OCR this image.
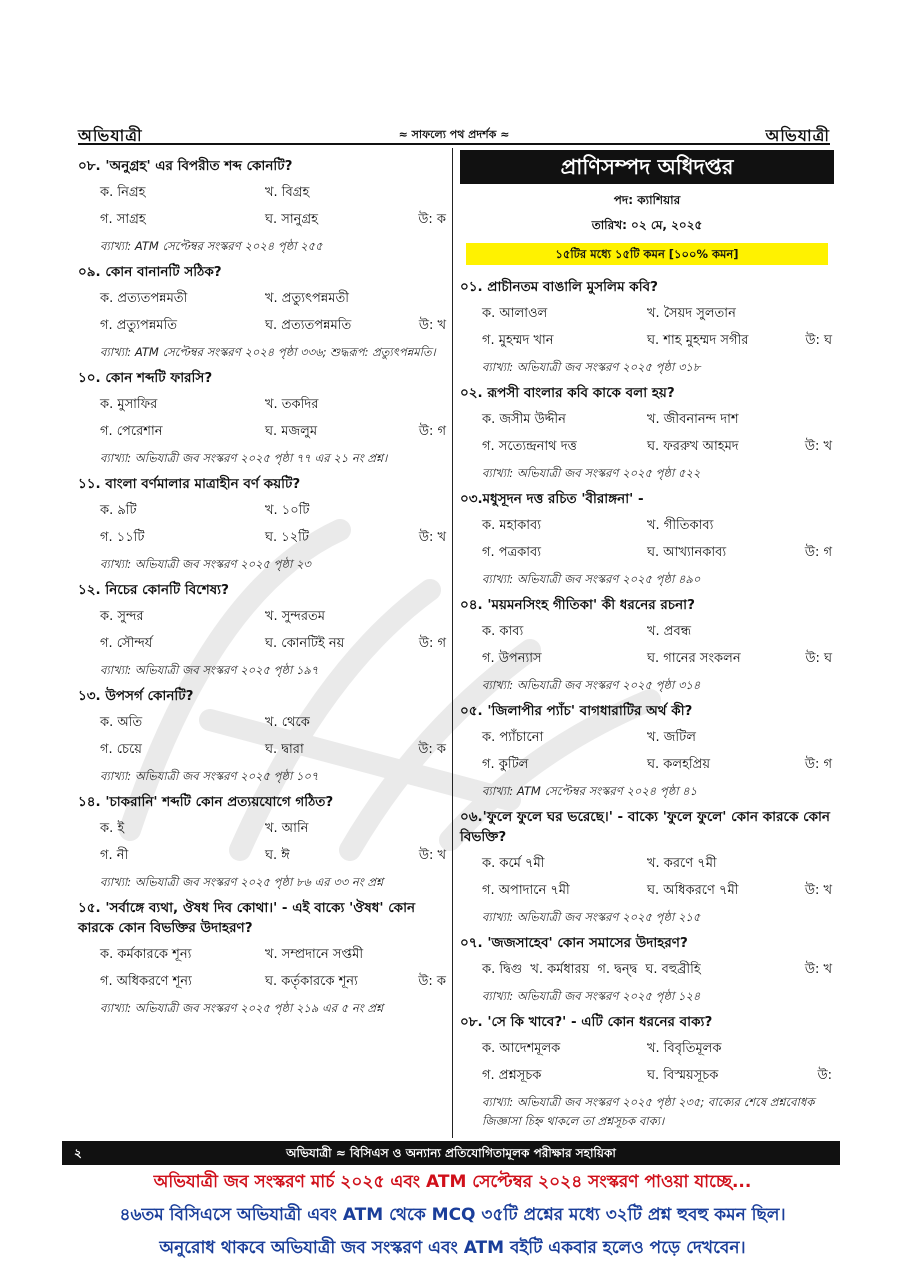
অভিযাত্রী	≈ সাফল্যে পথ প্রদর্শক ≈	অভিযাত্রী
০৮. 'অনুগ্রহ' এর বিপরীত শব্দ কোনটি?
ক. নিগ্রহ	খ. বিগ্রহ
গ. সাগ্রহ	ঘ. সানুগ্রহ	উ: ক
ব্যাখ্যা: ATM সেপ্টেম্বর সংস্করণ ২০২৪ পৃষ্ঠা ২৫৫
০৯. কোন বানানটি সঠিক?
ক. প্রত্যতপন্নমতী	খ. প্রত্যুৎপন্নমতী
গ. প্রত্যুপন্নমতি	ঘ. প্রত্যতপন্নমতি	উ: খ
ব্যাখ্যা: ATM সেপ্টেম্বর সংস্করণ ২০২৪ পৃষ্ঠা ৩৩৬; শুদ্ধরূপ: প্রত্যুৎপন্নমতি।
১০. কোন শব্দটি ফারসি?
ক. মুসাফির	খ. তকদির
গ. পেরেশান	ঘ. মজলুম	উ: গ
ব্যাখ্যা: অভিযাত্রী জব সংস্করণ ২০২৫ পৃষ্ঠা ৭৭ এর ২১ নং প্রশ্ন।
১১. বাংলা বর্ণমালার মাত্রাহীন বর্ণ কয়টি?
ক. ৯টি	খ. ১০টি
গ. ১১টি	ঘ. ১২টি	উ: খ
ব্যাখ্যা: অভিযাত্রী জব সংস্করণ ২০২৫ পৃষ্ঠা ২৩
১২. নিচের কোনটি বিশেষ্য?
ক. সুন্দর	খ. সুন্দরতম
গ. সৌন্দর্য	ঘ. কোনটিই নয়	উ: গ
ব্যাখ্যা: অভিযাত্রী জব সংস্করণ ২০২৫ পৃষ্ঠা ১৯৭
১৩. উপসর্গ কোনটি?
ক. অতি	খ. থেকে
গ. চেয়ে	ঘ. দ্বারা	উ: ক
ব্যাখ্যা: অভিযাত্রী জব সংস্করণ ২০২৫ পৃষ্ঠা ১০৭
১৪. 'চাকরানি' শব্দটি কোন প্রত্যয়যোগে গঠিত?
ক. ই	খ. আনি
গ. নী	ঘ. ঈ	উ: খ
ব্যাখ্যা: অভিযাত্রী জব সংস্করণ ২০২৫ পৃষ্ঠা ৮৬ এর ৩৩ নং প্রশ্ন
১৫. 'সর্বাঙ্গে ব্যথা, ঔষধ দিব কোথা।' - এই বাক্যে 'ঔষধ' কোন কারকে কোন বিভক্তির উদাহরণ?
ক. কর্মকারকে শূন্য	খ. সম্প্রদানে সপ্তমী
গ. অধিকরণে শূন্য	ঘ. কর্তৃকারকে শূন্য	উ: ক
ব্যাখ্যা: অভিযাত্রী জব সংস্করণ ২০২৫ পৃষ্ঠা ২১৯ এর ৫ নং প্রশ্ন
প্রাণিসম্পদ অধিদপ্তর
পদ: ক্যাশিয়ার
তারিখ: ০২ মে, ২০২৫
১৫টির মধ্যে ১৫টি কমন [১০০% কমন]
০১. প্রাচীনতম বাঙালি মুসলিম কবি?
ক. আলাওল	খ. সৈয়দ সুলতান
গ. মুহম্মদ খান	ঘ. শাহ মুহম্মদ সগীর	উ: ঘ
ব্যাখ্যা: অভিযাত্রী জব সংস্করণ ২০২৫ পৃষ্ঠা ৩১৮
০২. রূপসী বাংলার কবি কাকে বলা হয়?
ক. জসীম উদ্দীন	খ. জীবনানন্দ দাশ
গ. সত্যেন্দ্রনাথ দত্ত	ঘ. ফররুখ আহমদ	উ: খ
ব্যাখ্যা: অভিযাত্রী জব সংস্করণ ২০২৫ পৃষ্ঠা ৫২২
০৩.মধুসূদন দত্ত রচিত 'বীরাঙ্গনা' -
ক. মহাকাব্য	খ. গীতিকাব্য
গ. পত্রকাব্য	ঘ. আখ্যানকাব্য	উ: গ
ব্যাখ্যা: অভিযাত্রী জব সংস্করণ ২০২৫ পৃষ্ঠা ৪৯০
০৪. 'ময়মনসিংহ গীতিকা' কী ধরনের রচনা?
ক. কাব্য	খ. প্রবন্ধ
গ. উপন্যাস	ঘ. গানের সংকলন	উ: ঘ
ব্যাখ্যা: অভিযাত্রী জব সংস্করণ ২০২৫ পৃষ্ঠা ৩১৪
০৫. 'জিলাপীর প্যাঁচ' বাগধারাটির অর্থ কী?
ক. প্যাঁচানো	খ. জটিল
গ. কুটিল	ঘ. কলহপ্রিয়	উ: গ
ব্যাখ্যা: ATM সেপ্টেম্বর সংস্করণ ২০২৪ পৃষ্ঠা ৪১
০৬.'ফুলে ফুলে ঘর ভরেছে।' - বাক্যে 'ফুলে ফুলে' কোন কারকে কোন বিভক্তি?
ক. কর্মে ৭মী	খ. করণে ৭মী
গ. অপাদানে ৭মী	ঘ. অধিকরণে ৭মী	উ: খ
ব্যাখ্যা: অভিযাত্রী জব সংস্করণ ২০২৫ পৃষ্ঠা ২১৫
০৭. 'জজসাহেব' কোন সমাসের উদাহরণ?
ক. দ্বিগু খ. কর্মধারয় গ. দ্বন্দ্ব ঘ. বহুব্রীহি	উ: খ
ব্যাখ্যা: অভিযাত্রী জব সংস্করণ ২০২৫ পৃষ্ঠা ১২৪
০৮. 'সে কি খাবে?' - এটি কোন ধরনের বাক্য?
ক. আদেশমূলক	খ. বিবৃতিমূলক
গ. প্রশ্নসূচক	ঘ. বিস্ময়সূচক	উ:
ব্যাখ্যা: অভিযাত্রী জব সংস্করণ ২০২৫ পৃষ্ঠা ২৩৫; বাক্যের শেষে প্রশ্নবোধক জিজ্ঞাসা চিহ্ন থাকলে তা প্রশ্নসূচক বাক্য।
২	অভিযাত্রী ≈ বিসিএস ও অন্যান্য প্রতিযোগিতামূলক পরীক্ষার সহায়িকা
অভিযাত্রী জব সংস্করণ মার্চ ২০২৫ এবং ATM সেপ্টেম্বর ২০২৪ সংস্করণ পাওয়া যাচ্ছে...
৪৬তম বিসিএসে অভিযাত্রী এবং ATM থেকে MCQ ৩৫টি প্রশ্নের মধ্যে ৩২টি প্রশ্ন হুবহু কমন ছিল।
অনুরোধ থাকবে অভিযাত্রী জব সংস্করণ এবং ATM বইটি একবার হলেও পড়ে দেখবেন।
